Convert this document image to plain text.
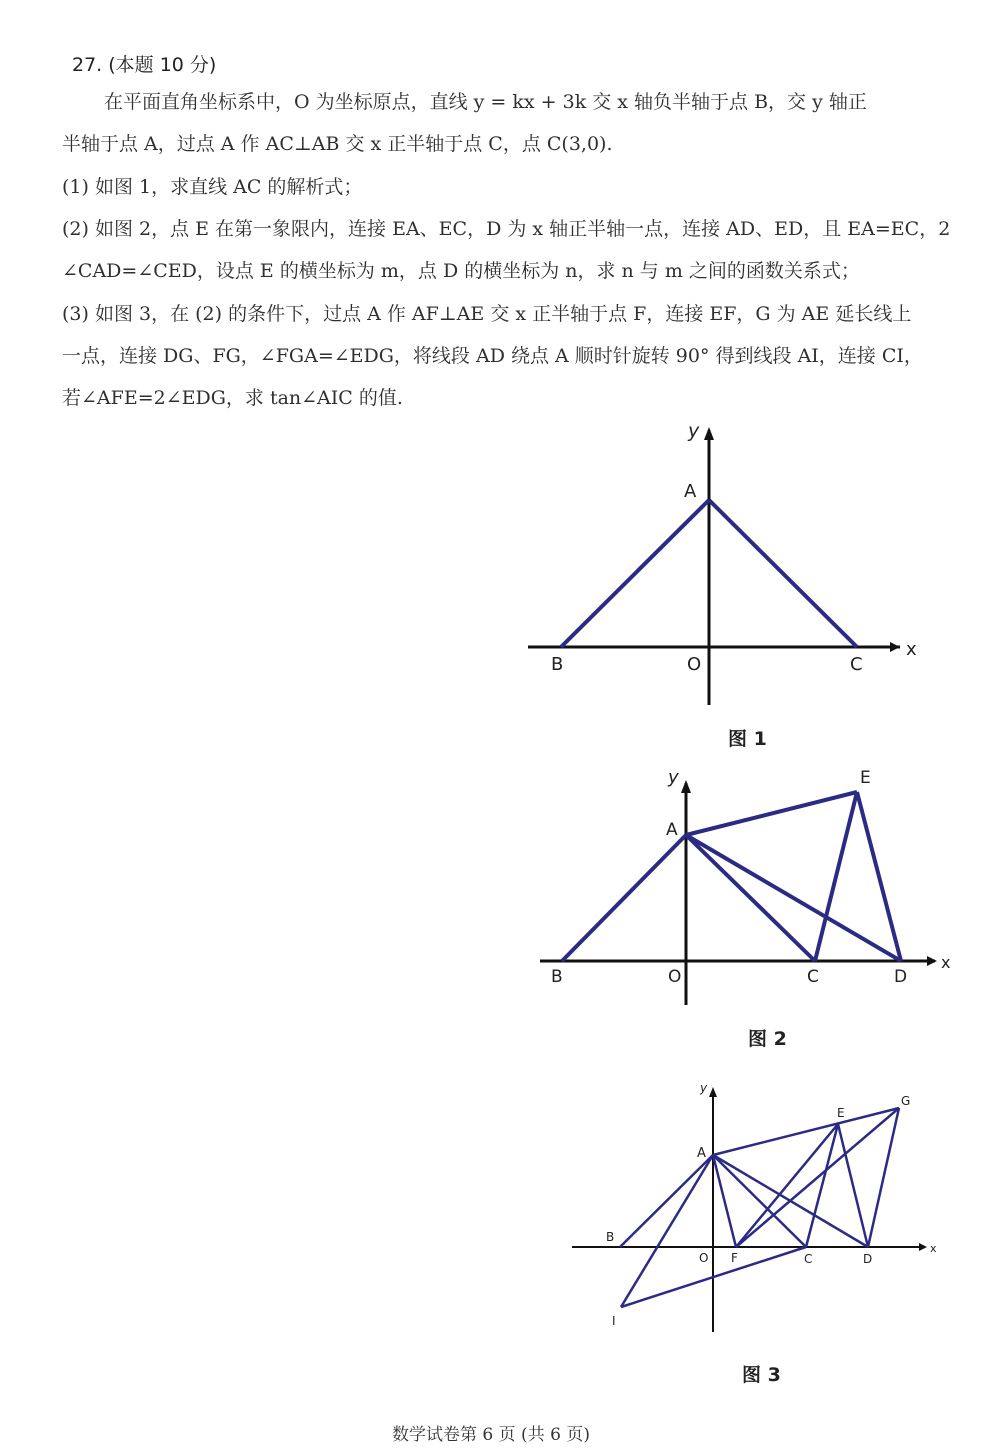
27. (本题 10 分)
在平面直角坐标系中，O 为坐标原点，直线 y = kx + 3k 交 x 轴负半轴于点 B，交 y 轴正
半轴于点 A，过点 A 作 AC⊥AB 交 x 正半轴于点 C，点 C(3,0).
(1) 如图 1，求直线 AC 的解析式；
(2) 如图 2，点 E 在第一象限内，连接 EA、EC，D 为 x 轴正半轴一点，连接 AD、ED，且 EA=EC，2
∠CAD=∠CED，设点 E 的横坐标为 m，点 D 的横坐标为 n，求 n 与 m 之间的函数关系式；
(3) 如图 3，在 (2) 的条件下，过点 A 作 AF⊥AE 交 x 正半轴于点 F，连接 EF，G 为 AE 延长线上
一点，连接 DG、FG，∠FGA=∠EDG，将线段 AD 绕点 A 顺时针旋转 90° 得到线段 AI，连接 CI，
若∠AFE=2∠EDG，求 tan∠AIC 的值.
y
x
A
B	O	C
图 1
y
x
A
B	O	C	D
E
图 2
y
x
A
B
O F	C	D
E
G
I
图 3
数学试卷第 6 页 (共 6 页)
